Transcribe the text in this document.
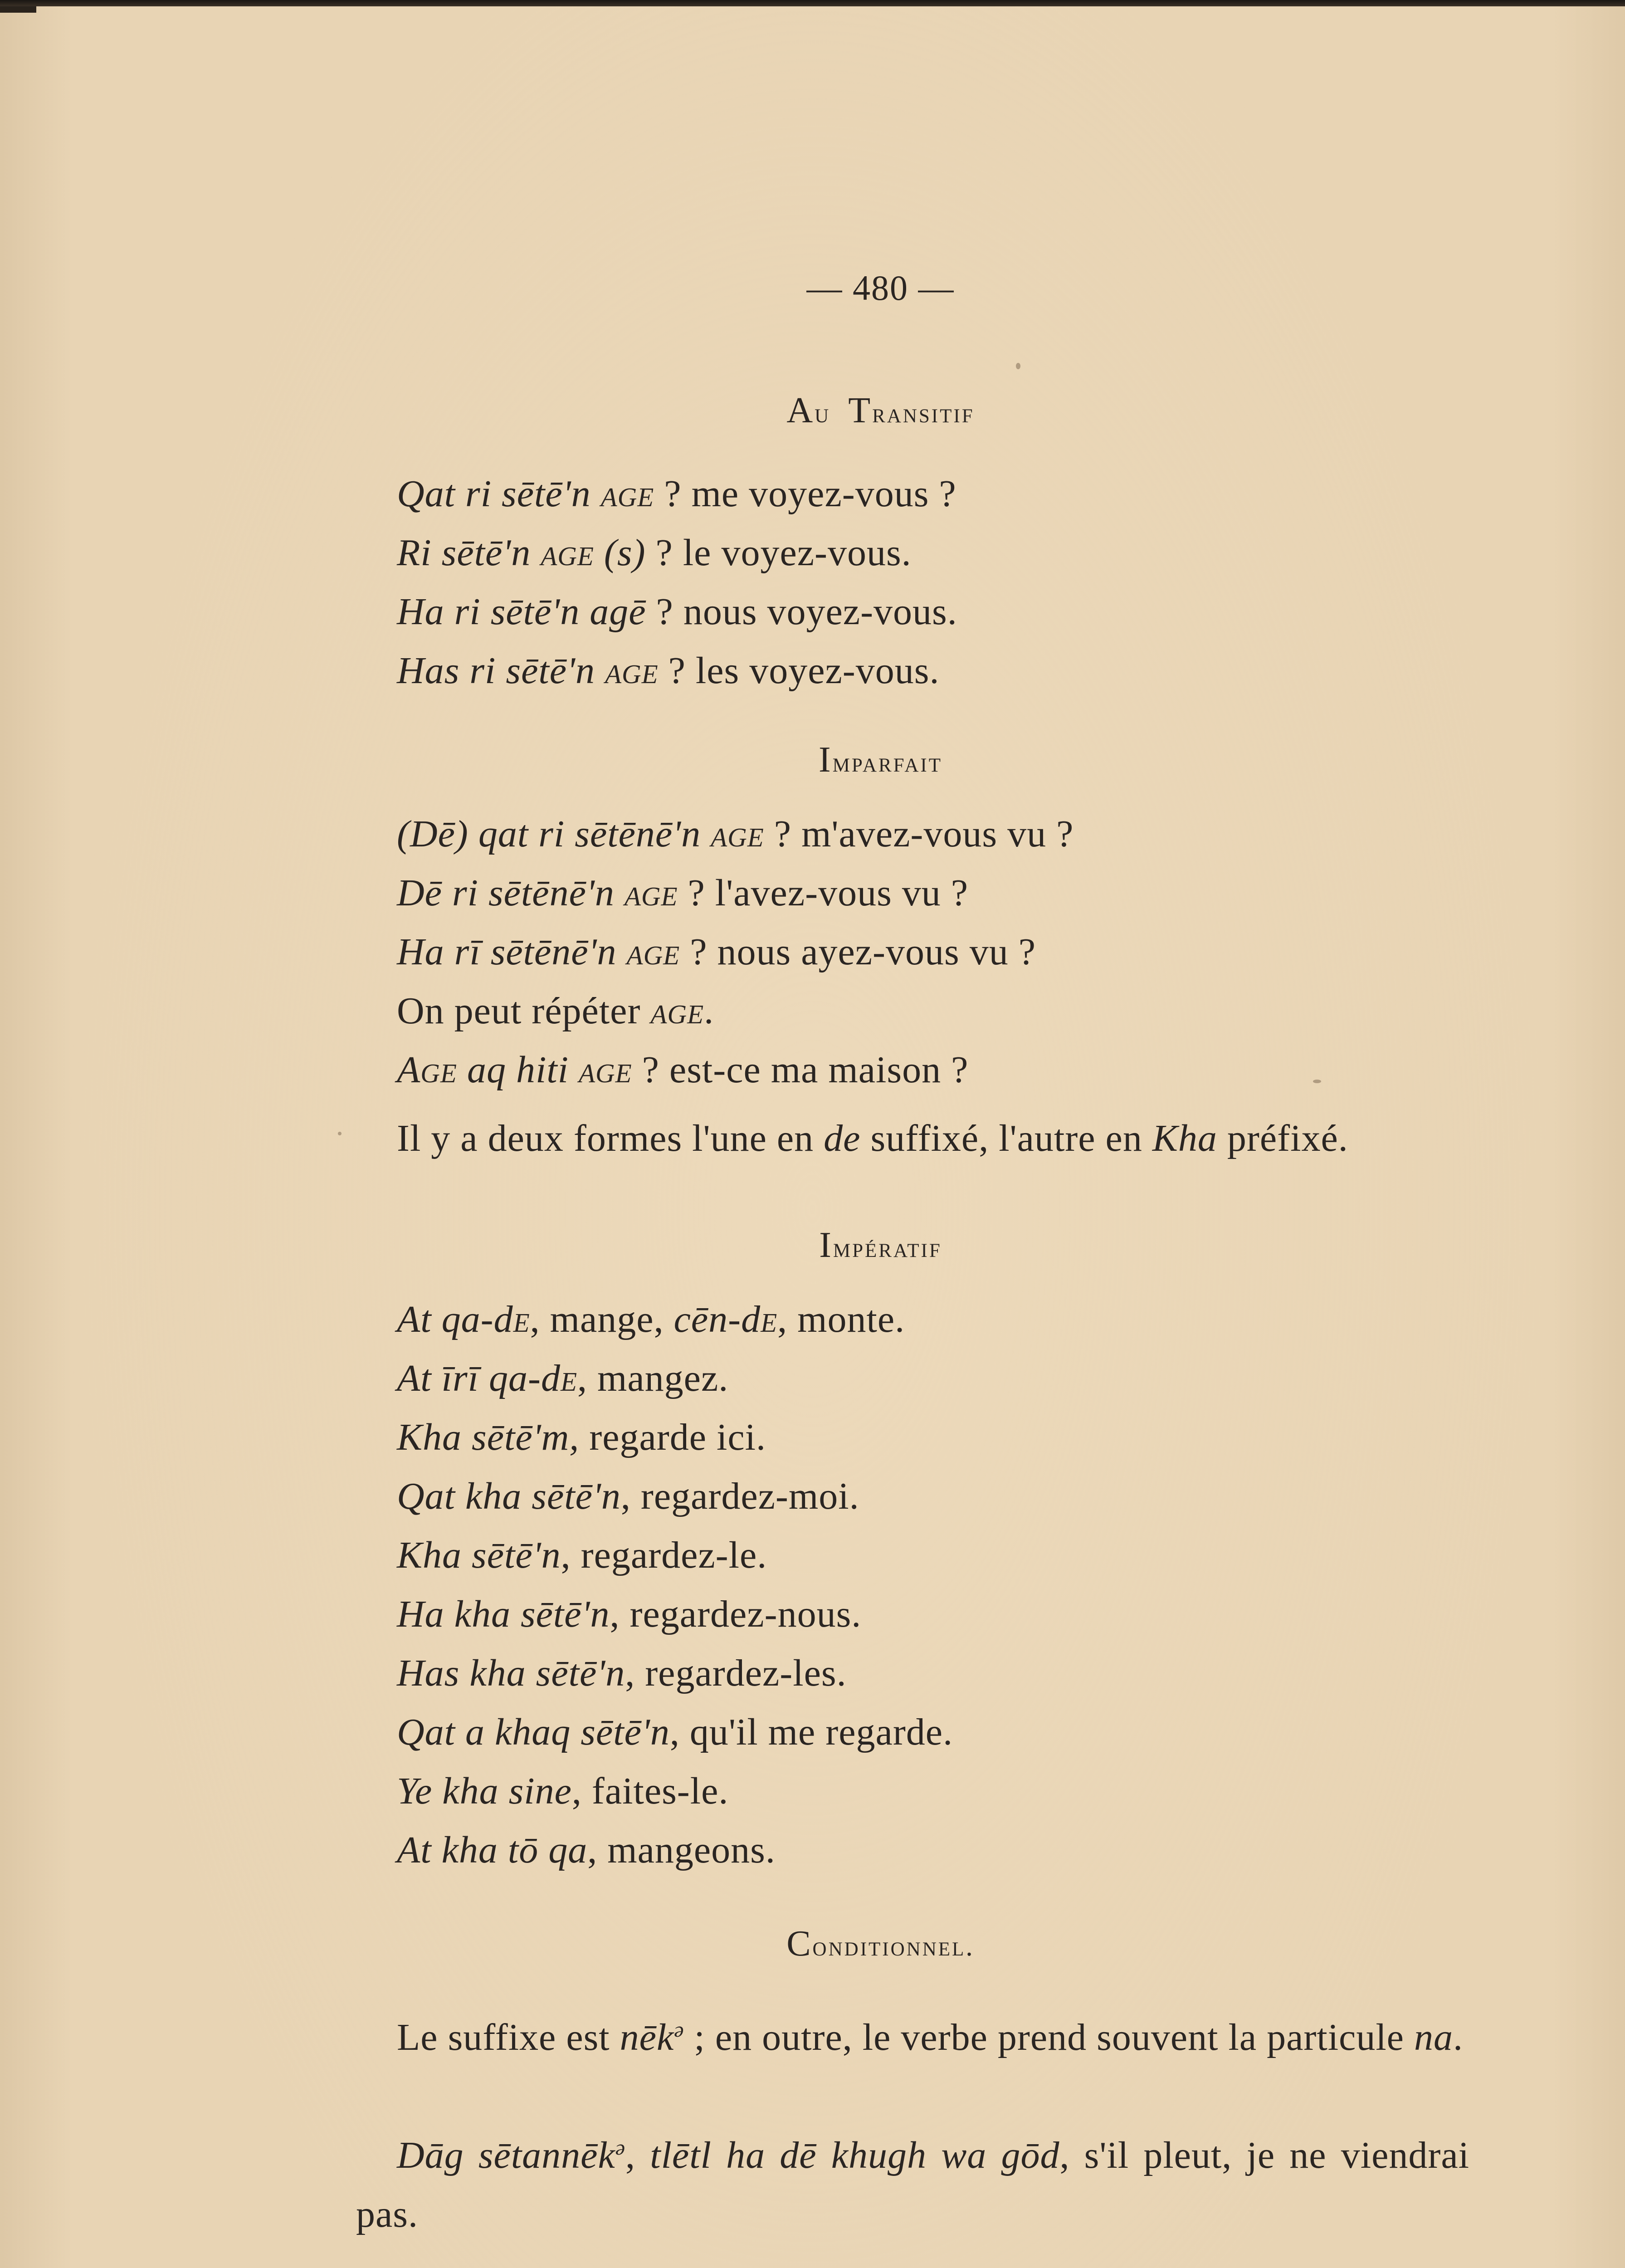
— 480 —
Au Transitif
Qat ri sētē'n age ? me voyez-vous ?
Ri sētē'n age (s) ? le voyez-vous.
Ha ri sētē'n agē ? nous voyez-vous.
Has ri sētē'n age ? les voyez-vous.
Imparfait
(Dē) qat ri sētēnē'n age ? m'avez-vous vu ?
Dē ri sētēnē'n age ? l'avez-vous vu ?
Ha rī sētēnē'n age ? nous ayez-vous vu ?
On peut répéter age.
Age aq hiti age ? est-ce ma maison ?
Il y a deux formes l'une en de suffixé, l'autre en Kha préfixé.
Impératif
At qa-de, mange, cēn-de, monte.
At īrī qa-de, mangez.
Kha sētē'm, regarde ici.
Qat kha sētē'n, regardez-moi.
Kha sētē'n, regardez-le.
Ha kha sētē'n, regardez-nous.
Has kha sētē'n, regardez-les.
Qat a khaq sētē'n, qu'il me regarde.
Ye kha sine, faites-le.
At kha tō qa, mangeons.
Conditionnel.
Le suffixe est nēk$^ə$ ; en outre, le verbe prend souvent la particule na.
Dāg sētannēk$^ə$, tlētl ha dē khugh wa gōd, s'il pleut, je ne viendrai pas.
